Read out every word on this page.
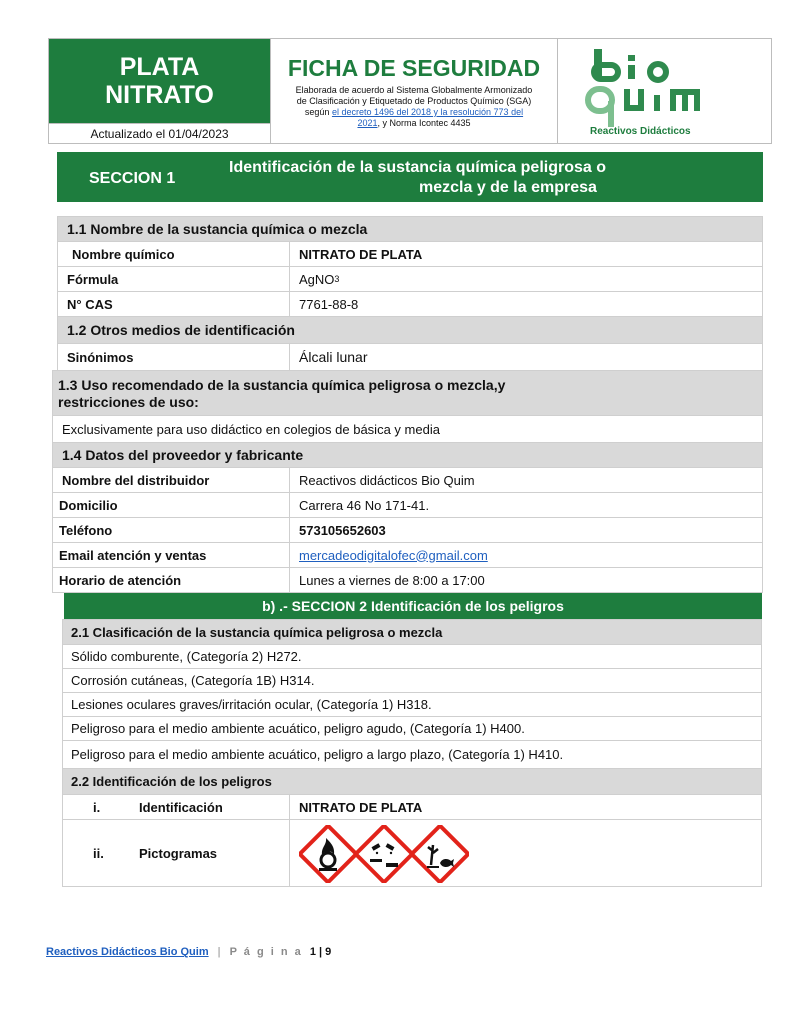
PLATA
NITRATO
Actualizado el 01/04/2023
FICHA DE SEGURIDAD
Elaborada de acuerdo al Sistema Globalmente Armonizado
de Clasificación y Etiquetado de Productos Químico (SGA)
según el decreto 1496 del 2018 y la resolución 773 del
2021, y Norma Icontec 4435
Reactivos Didácticos
SECCION 1
Identificación de la sustancia química peligrosa o
mezcla y de la empresa
1.1 Nombre de la sustancia química o mezcla
Nombre químico	NITRATO DE PLATA
Fórmula	AgNO 3
N° CAS	7761-88-8
1.2 Otros medios de identificación
Sinónimos	Álcali lunar
1.3 Uso recomendado de la sustancia química peligrosa o mezcla,y
restricciones de uso:
Exclusivamente para uso didáctico en colegios de básica y media
1.4 Datos del proveedor y fabricante
Nombre del distribuidor	Reactivos didácticos Bio Quim
Domicilio	Carrera 46 No 171-41.
Teléfono	573105652603
Email atención y ventas	mercadeodigitalofec@gmail.com
Horario de atención	Lunes a viernes de 8:00 a 17:00
b) .- SECCION 2 Identificación de los peligros
2.1 Clasificación de la sustancia química peligrosa o mezcla
Sólido comburente, (Categoría 2) H272.
Corrosión cutáneas, (Categoría 1B) H314.
Lesiones oculares graves/irritación ocular, (Categoría 1) H318.
Peligroso para el medio ambiente acuático, peligro agudo, (Categoría 1) H400.
Peligroso para el medio ambiente acuático, peligro a largo plazo, (Categoría 1) H410.
2.2 Identificación de los peligros
i.	Identificación	NITRATO DE PLATA
ii.	Pictogramas
Reactivos Didácticos Bio Quim | P á g i n a 1 | 9
